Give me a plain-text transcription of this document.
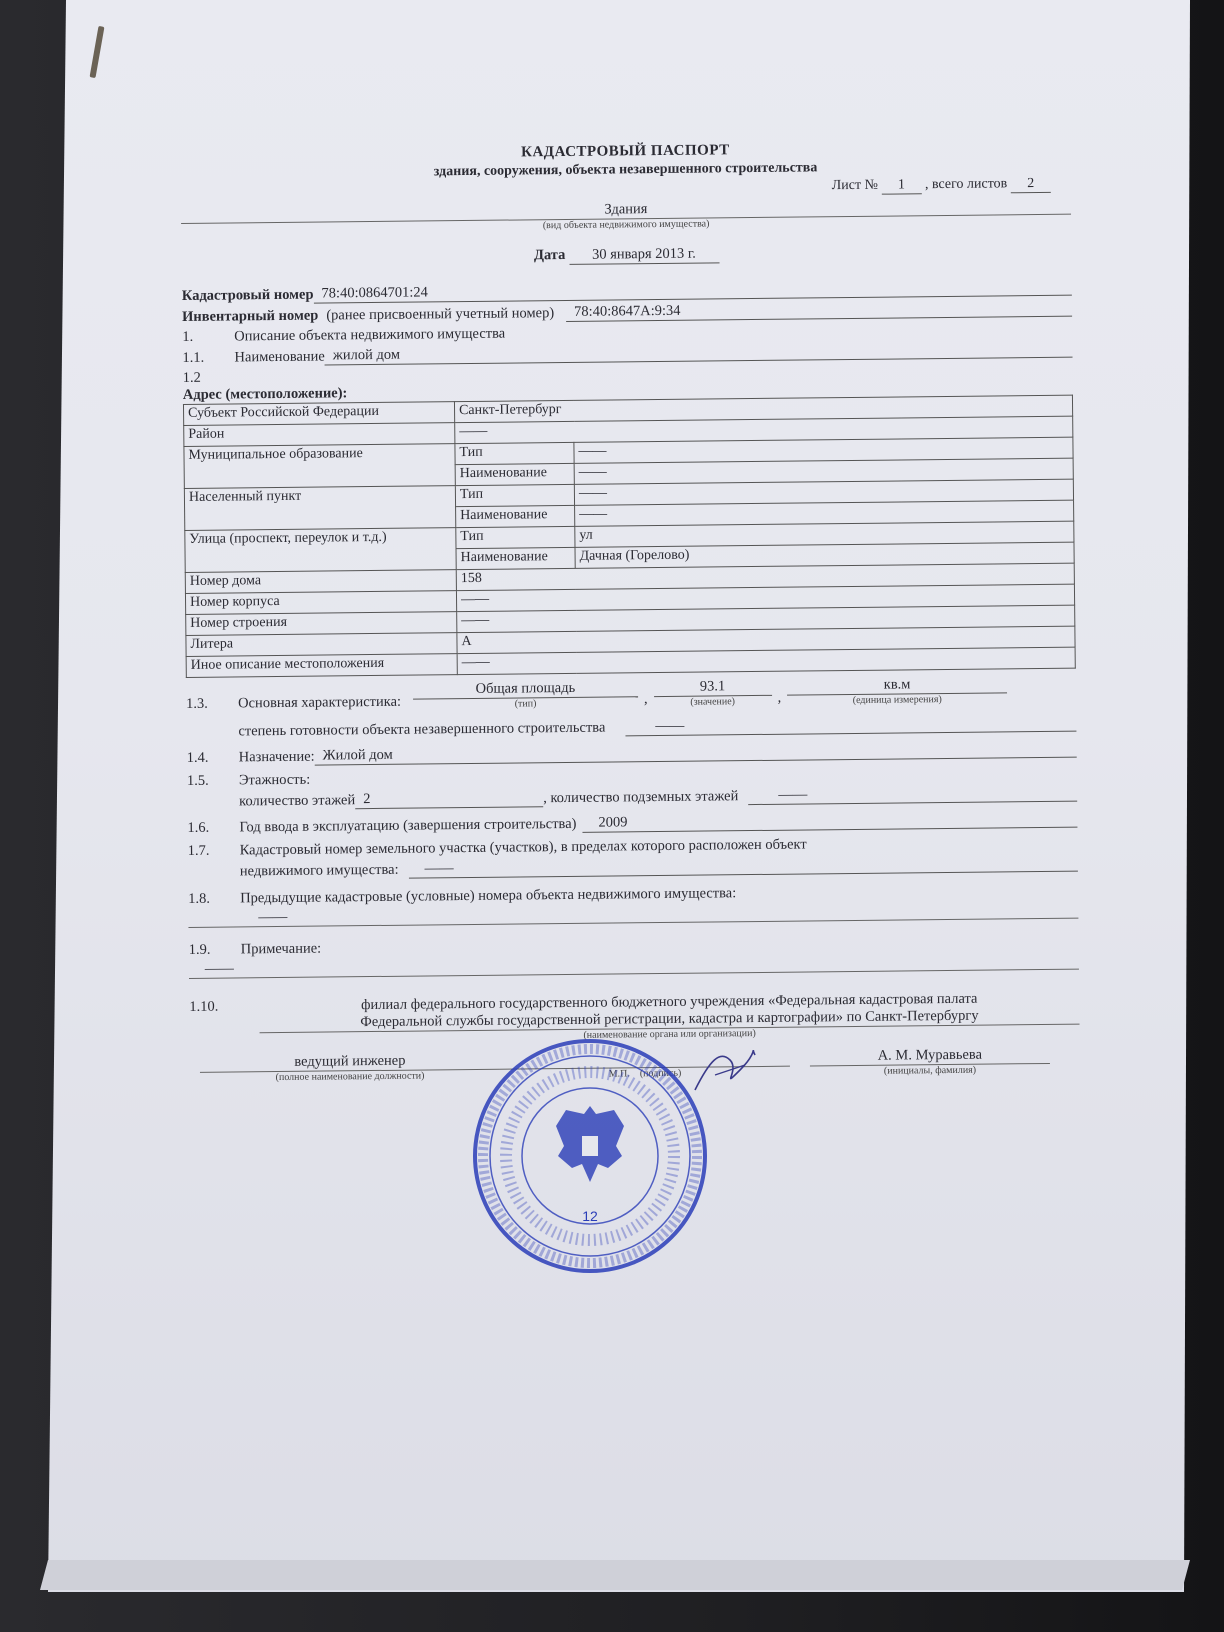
КАДАСТРОВЫЙ ПАСПОРТ
здания, сооружения, объекта незавершенного строительства
Лист № 1 , всего листов 2
Здания
(вид объекта недвижимого имущества)
Дата 30 января 2013 г.
Кадастровый номер 78:40:0864701:24
Инвентарный номер (ранее присвоенный учетный номер)	78:40:8647А:9:34
1.	Описание объекта недвижимого имущества
1.1.	Наименование жилой дом
1.2
Адрес (местоположение):
Субъект Российской Федерации	Санкт-Петербург	
Район	——	
Муниципальное образование	Тип	——
	Наименование	——
Населенный пункт	Тип	——
	Наименование	——
Улица (проспект, переулок и т.д.)	Тип	ул
	Наименование	Дачная (Горелово)
Номер дома	158	
Номер корпуса	——	
Номер строения	——	
Литера	А	
Иное описание местоположения	——	
1.3.	Основная характеристика:
Общая площадь
(тип)	,
93.1
(значение)	,
кв.м
(единица измерения)
степень готовности объекта незавершенного строительства	——
1.4.	Назначение: Жилой дом
1.5.	Этажность:
количество этажей 2	, количество подземных этажей	——
1.6.	Год ввода в эксплуатацию (завершения строительства)	2009
1.7.	Кадастровый номер земельного участка (участков), в пределах которого расположен объект
недвижимого имущества:	——
1.8.	Предыдущие кадастровые (условные) номера объекта недвижимого имущества:
——
1.9.	Примечание:
——
1.10.	филиал федерального государственного бюджетного учреждения «Федеральная кадастровая палата
Федеральной службы государственной регистрации, кадастра и картографии» по Санкт-Петербургу
(наименование органа или организации)
ведущий инженер
(полное наименование должности)	М.П. (подпись)
А. М. Муравьева
(инициалы, фамилия)
12
